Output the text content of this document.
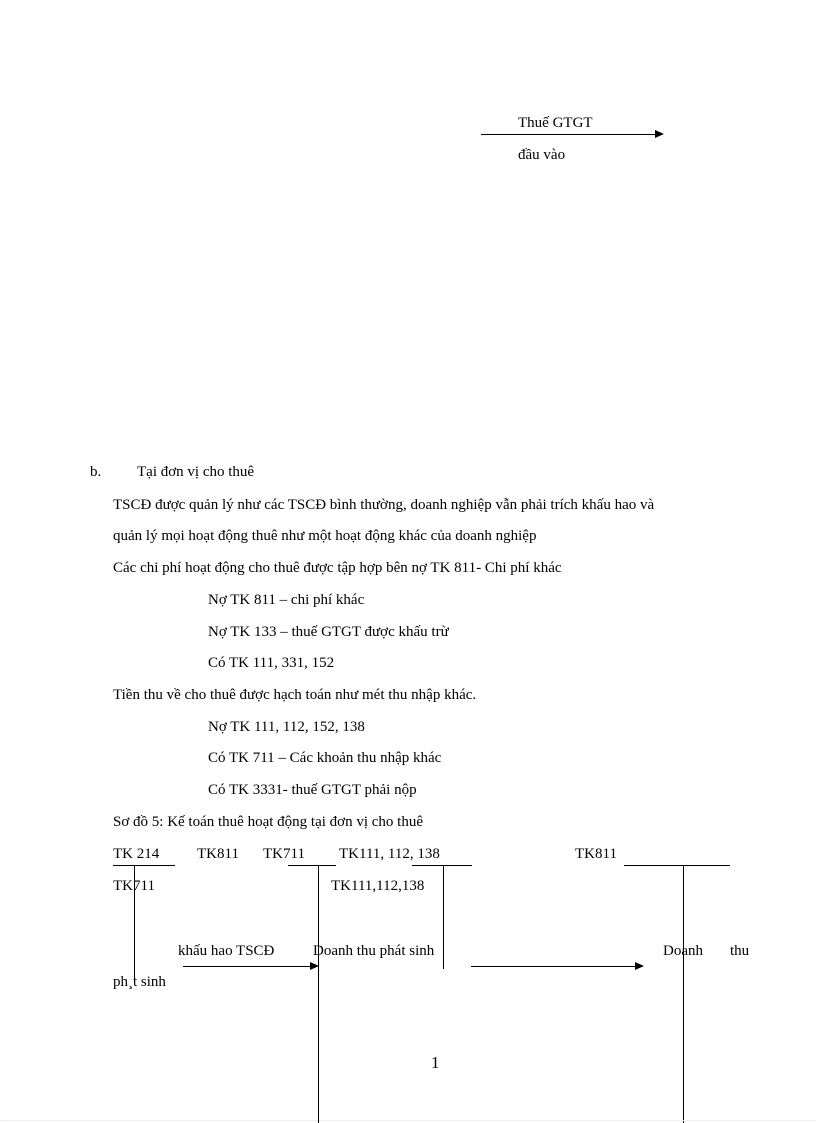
Thuế GTGT
đầu vào
b. Tại đơn vị cho thuê
TSCĐ được quản lý như các TSCĐ bình thường, doanh nghiệp vẫn phải trích khấu hao và
quản lý mọi hoạt động thuê như một hoạt động khác của doanh nghiệp
Các chi phí hoạt động cho thuê được tập hợp bên nợ TK 811- Chi phí khác
Nợ TK 811 – chi phí khác
Nợ TK 133 – thuế GTGT được khấu trừ
Có TK 111, 331, 152
Tiền thu về cho thuê được hạch toán như mét thu nhập khác.
Nợ TK 111, 112, 152, 138
Có TK 711 – Các khoản thu nhập khác
Có TK 3331- thuế GTGT phải nộp
Sơ đồ 5: Kế toán thuê hoạt động tại đơn vị cho thuê
TK 214	TK811 TK711 TK111, 112, 138	TK811
TK711	TK111,112,138
khấu hao TSCĐ	Doanh thu phát sinh	Doanh thu
ph¸t sinh
1
